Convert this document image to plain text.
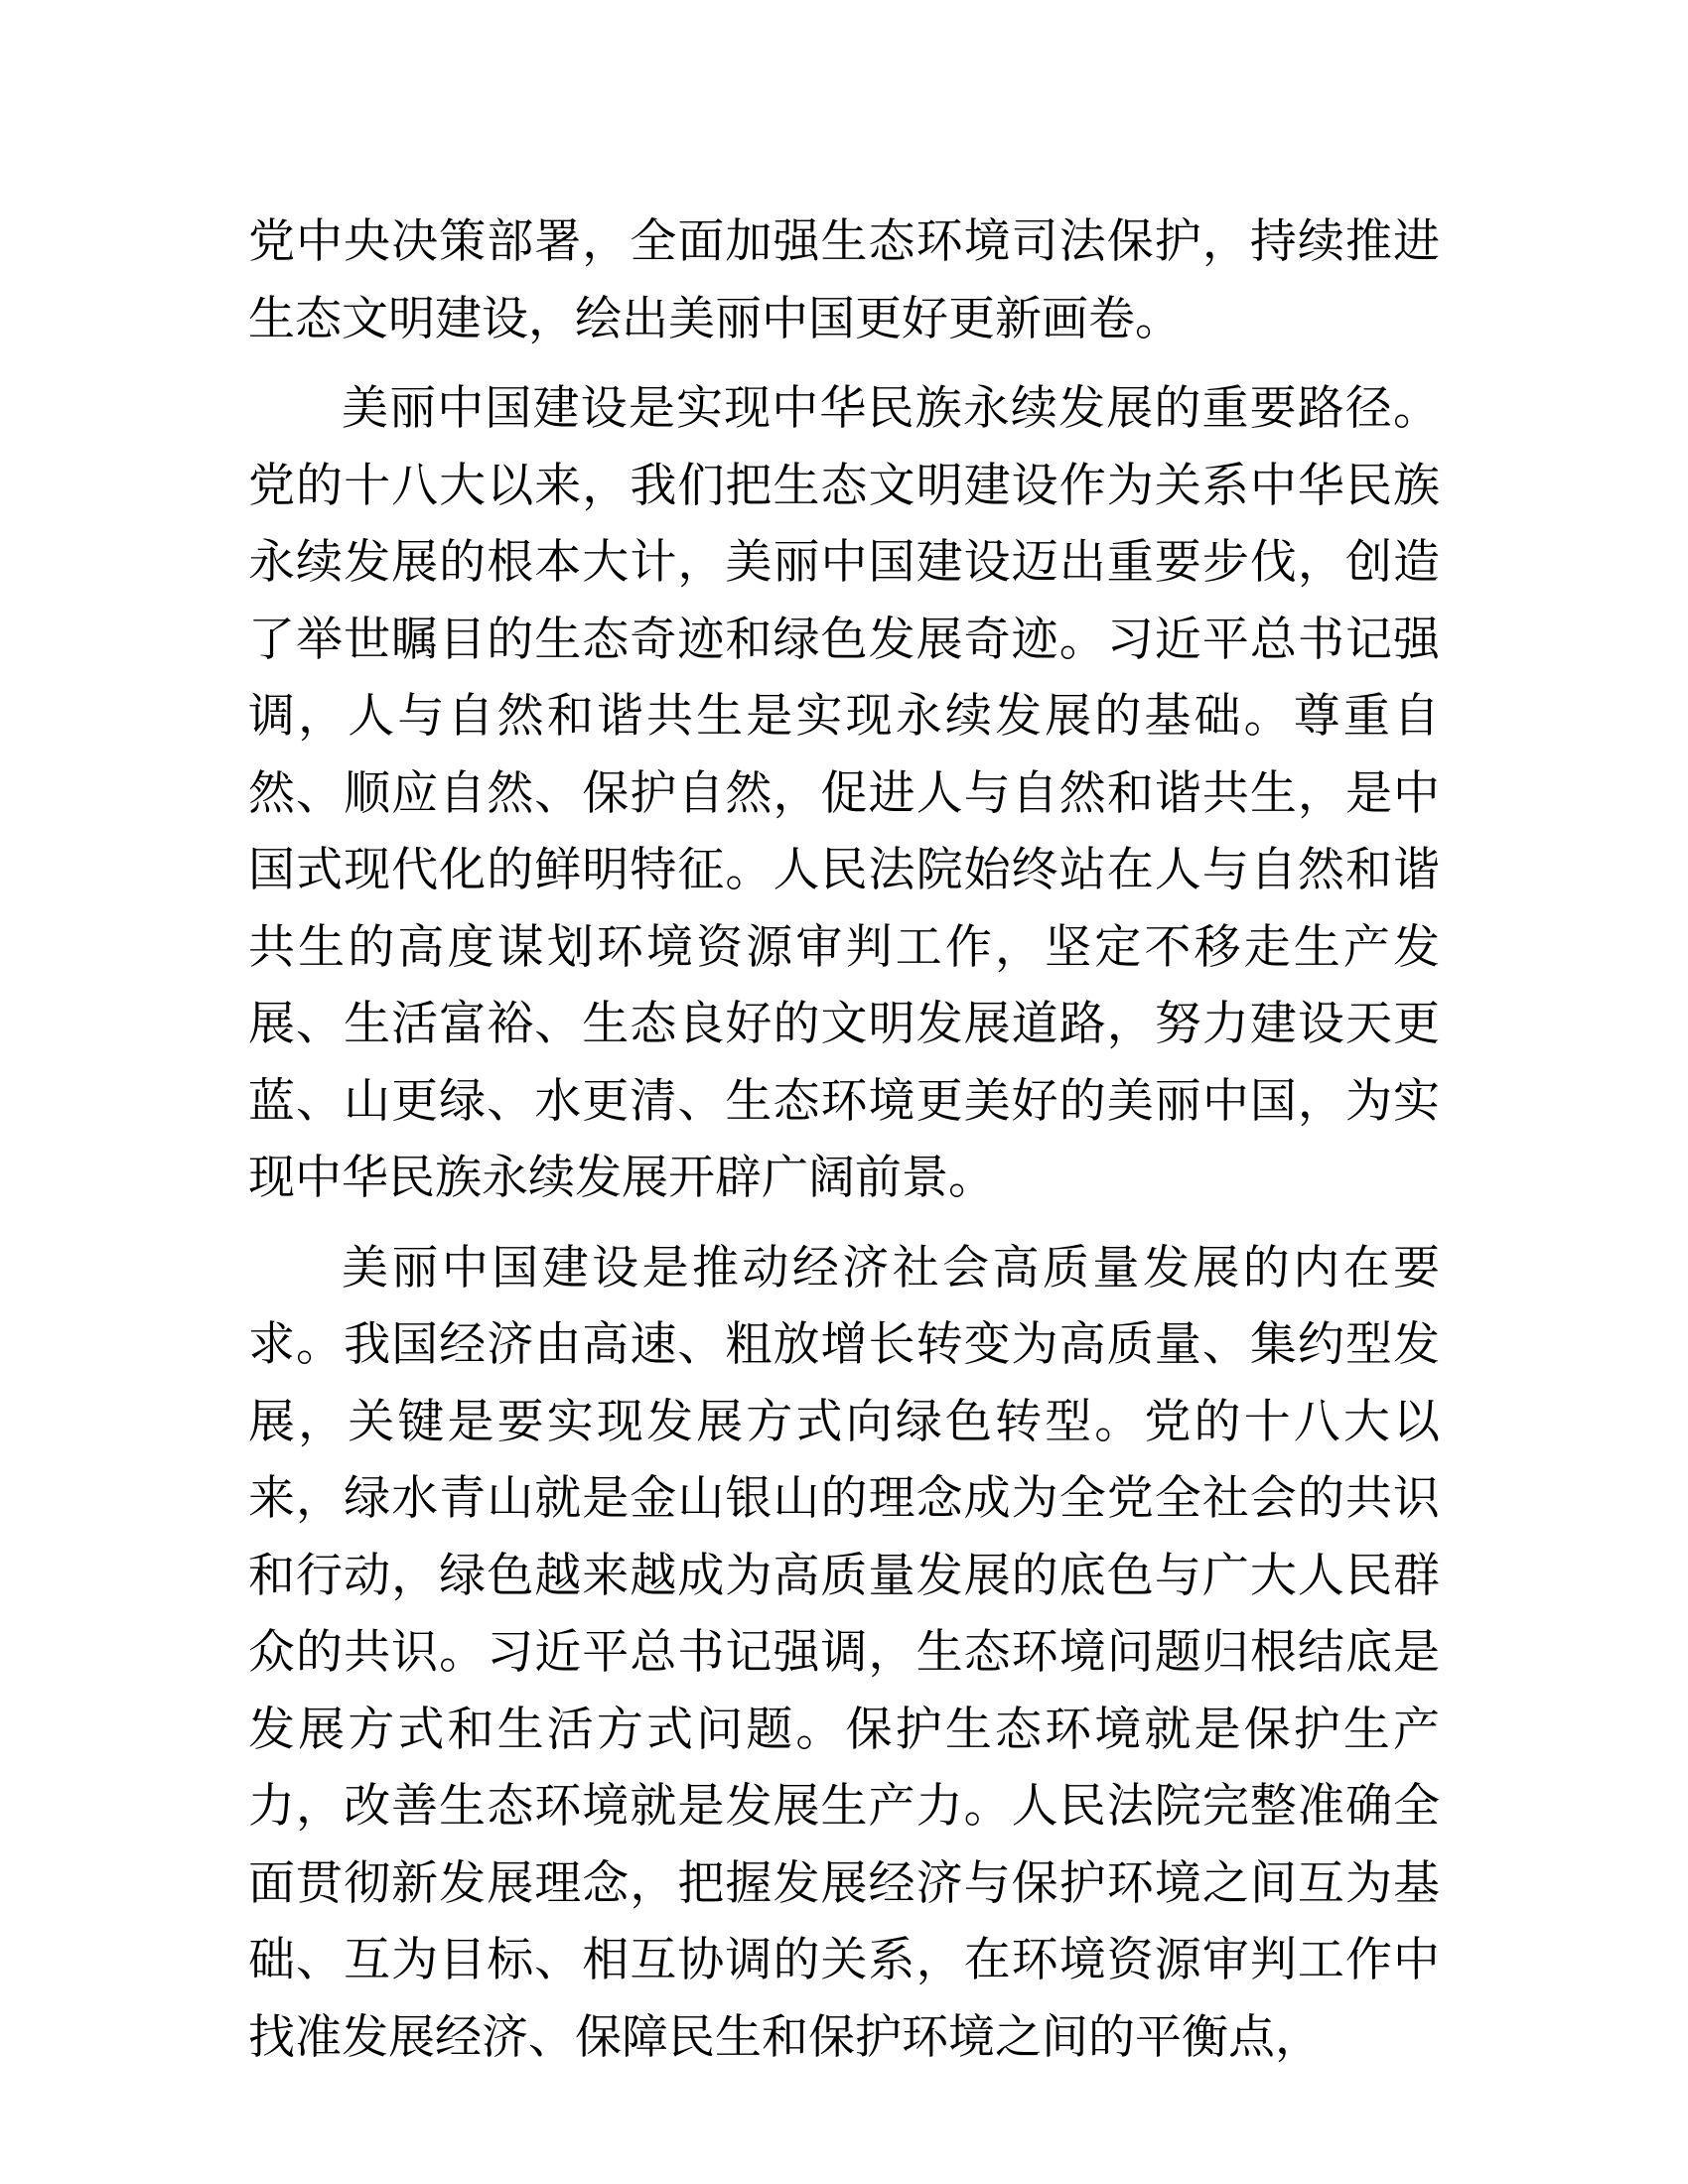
党中央决策部署，全面加强生态环境司法保护，持续推进生态文明建设，绘出美丽中国更好更新画卷。

美丽中国建设是实现中华民族永续发展的重要路径。党的十八大以来，我们把生态文明建设作为关系中华民族永续发展的根本大计，美丽中国建设迈出重要步伐，创造了举世瞩目的生态奇迹和绿色发展奇迹。习近平总书记强调，人与自然和谐共生是实现永续发展的基础。尊重自然、顺应自然、保护自然，促进人与自然和谐共生，是中国式现代化的鲜明特征。人民法院始终站在人与自然和谐共生的高度谋划环境资源审判工作，坚定不移走生产发展、生活富裕、生态良好的文明发展道路，努力建设天更蓝、山更绿、水更清、生态环境更美好的美丽中国，为实现中华民族永续发展开辟广阔前景。

美丽中国建设是推动经济社会高质量发展的内在要求。我国经济由高速、粗放增长转变为高质量、集约型发展，关键是要实现发展方式向绿色转型。党的十八大以来，绿水青山就是金山银山的理念成为全党全社会的共识和行动，绿色越来越成为高质量发展的底色与广大人民群众的共识。习近平总书记强调，生态环境问题归根结底是发展方式和生活方式问题。保护生态环境就是保护生产力，改善生态环境就是发展生产力。人民法院完整准确全面贯彻新发展理念，把握发展经济与保护环境之间互为基础、互为目标、相互协调的关系，在环境资源审判工作中找准发展经济、保障民生和保护环境之间的平衡点，
